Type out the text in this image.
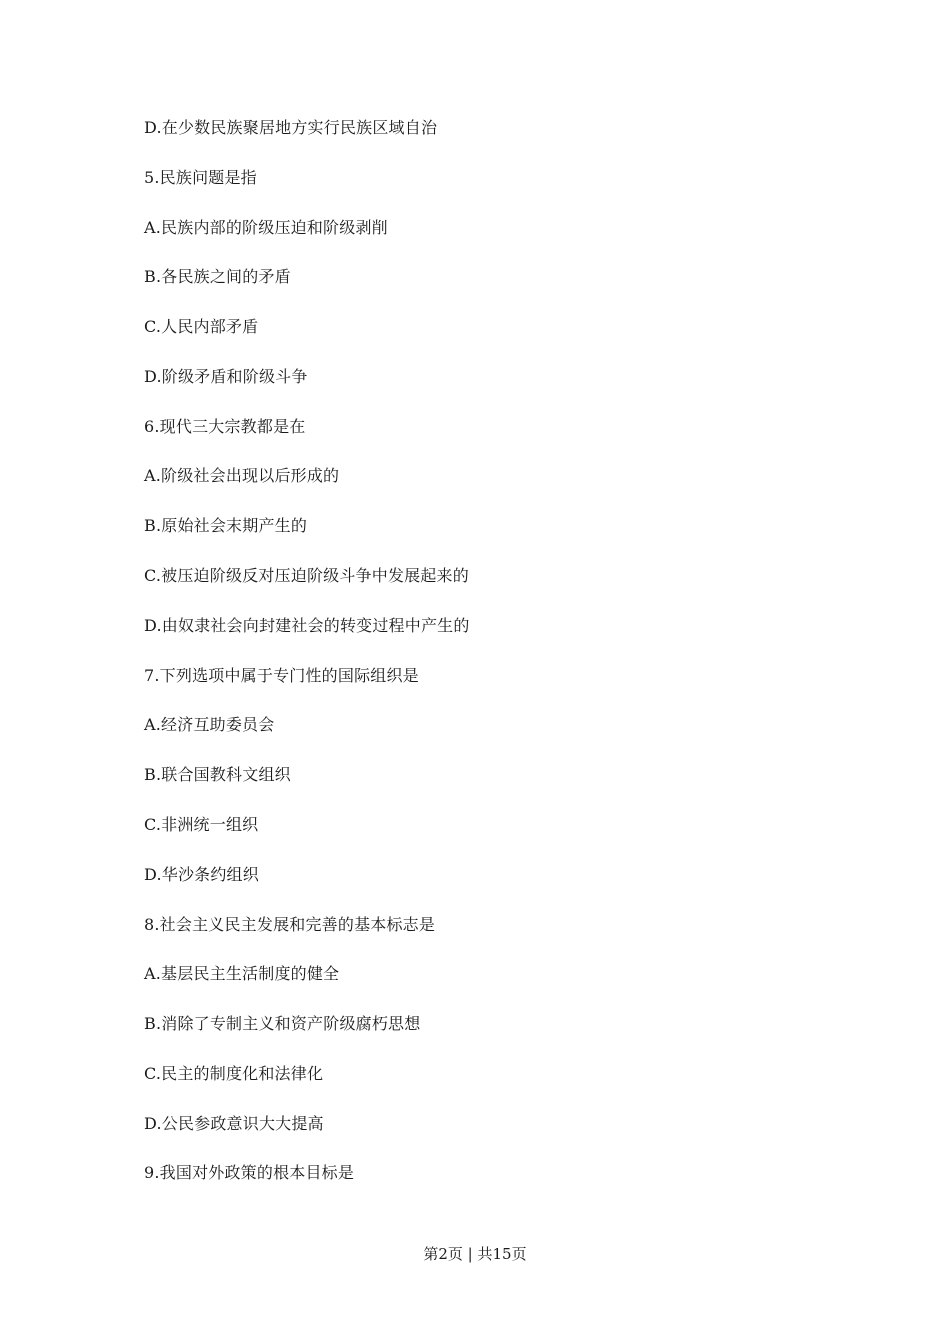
D.在少数民族聚居地方实行民族区域自治
5.民族问题是指
A.民族内部的阶级压迫和阶级剥削
B.各民族之间的矛盾
C.人民内部矛盾
D.阶级矛盾和阶级斗争
6.现代三大宗教都是在
A.阶级社会出现以后形成的
B.原始社会末期产生的
C.被压迫阶级反对压迫阶级斗争中发展起来的
D.由奴隶社会向封建社会的转变过程中产生的
7.下列选项中属于专门性的国际组织是
A.经济互助委员会
B.联合国教科文组织
C.非洲统一组织
D.华沙条约组织
8.社会主义民主发展和完善的基本标志是
A.基层民主生活制度的健全
B.消除了专制主义和资产阶级腐朽思想
C.民主的制度化和法律化
D.公民参政意识大大提高
9.我国对外政策的根本目标是
第2页 | 共15页
